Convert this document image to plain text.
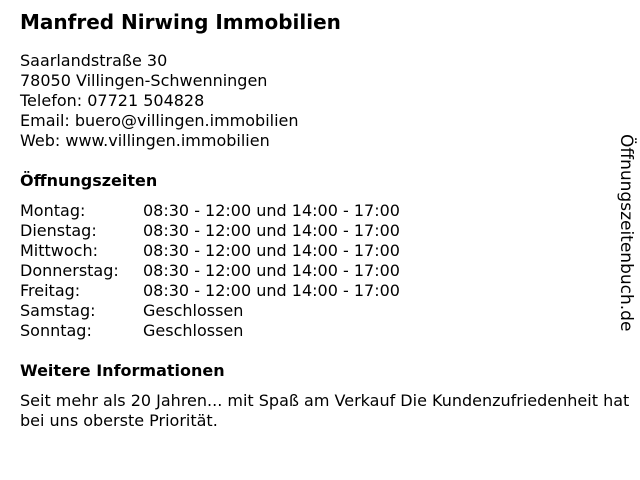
Manfred Nirwing Immobilien
Saarlandstraße 30
78050 Villingen-Schwenningen
Telefon: 07721 504828
Email: buero@villingen.immobilien
Web: www.villingen.immobilien
Öffnungszeiten
Montag:	08:30 - 12:00 und 14:00 - 17:00
Dienstag:	08:30 - 12:00 und 14:00 - 17:00
Mittwoch:	08:30 - 12:00 und 14:00 - 17:00
Donnerstag:	08:30 - 12:00 und 14:00 - 17:00
Freitag:	08:30 - 12:00 und 14:00 - 17:00
Samstag:	Geschlossen
Sonntag:	Geschlossen
Weitere Informationen
Seit mehr als 20 Jahren... mit Spaß am Verkauf Die Kundenzufriedenheit hat bei uns oberste Priorität.
Öffnungszeitenbuch.de
